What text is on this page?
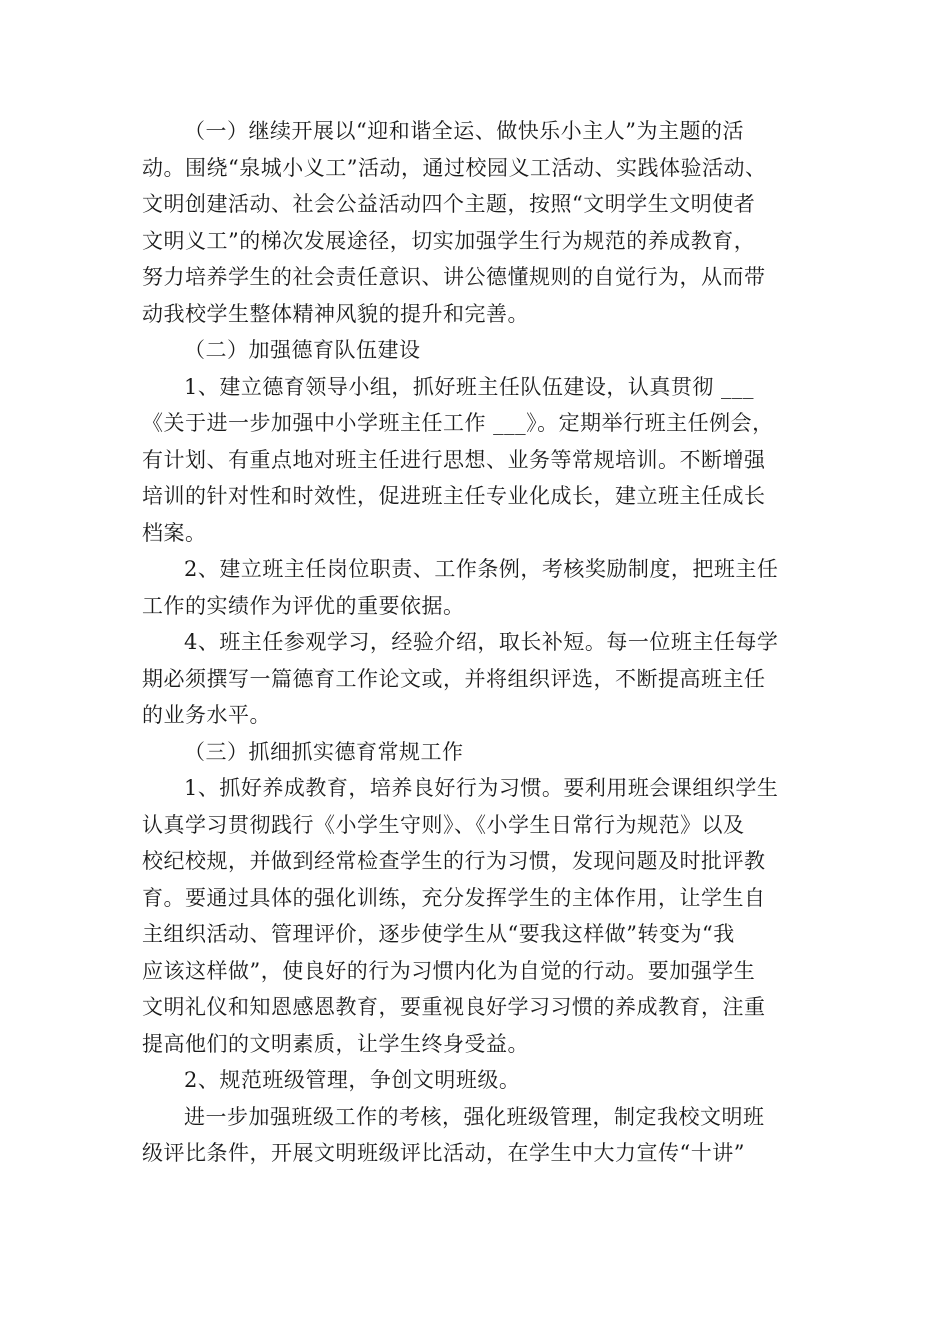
（一）继续开展以“迎和谐全运、做快乐小主人”为主题的活
动。围绕“泉城小义工”活动，通过校园义工活动、实践体验活动、
文明创建活动、社会公益活动四个主题，按照“文明学生文明使者
文明义工”的梯次发展途径，切实加强学生行为规范的养成教育，
努力培养学生的社会责任意识、讲公德懂规则的自觉行为，从而带
动我校学生整体精神风貌的提升和完善。

（二）加强德育队伍建设

1、建立德育领导小组，抓好班主任队伍建设，认真贯彻 ___
《关于进一步加强中小学班主任工作 ___》。定期举行班主任例会，
有计划、有重点地对班主任进行思想、业务等常规培训。不断增强
培训的针对性和时效性，促进班主任专业化成长，建立班主任成长
档案。

2、建立班主任岗位职责、工作条例，考核奖励制度，把班主任
工作的实绩作为评优的重要依据。

4、班主任参观学习，经验介绍，取长补短。每一位班主任每学
期必须撰写一篇德育工作论文或，并将组织评选，不断提高班主任
的业务水平。

（三）抓细抓实德育常规工作

1、抓好养成教育，培养良好行为习惯。要利用班会课组织学生
认真学习贯彻践行《小学生守则》、《小学生日常行为规范》以及
校纪校规，并做到经常检查学生的行为习惯，发现问题及时批评教
育。要通过具体的强化训练，充分发挥学生的主体作用，让学生自
主组织活动、管理评价，逐步使学生从“要我这样做”转变为“我
应该这样做”，使良好的行为习惯内化为自觉的行动。要加强学生
文明礼仪和知恩感恩教育，要重视良好学习习惯的养成教育，注重
提高他们的文明素质，让学生终身受益。

2、规范班级管理，争创文明班级。

进一步加强班级工作的考核，强化班级管理，制定我校文明班
级评比条件，开展文明班级评比活动，在学生中大力宣传“十讲”
